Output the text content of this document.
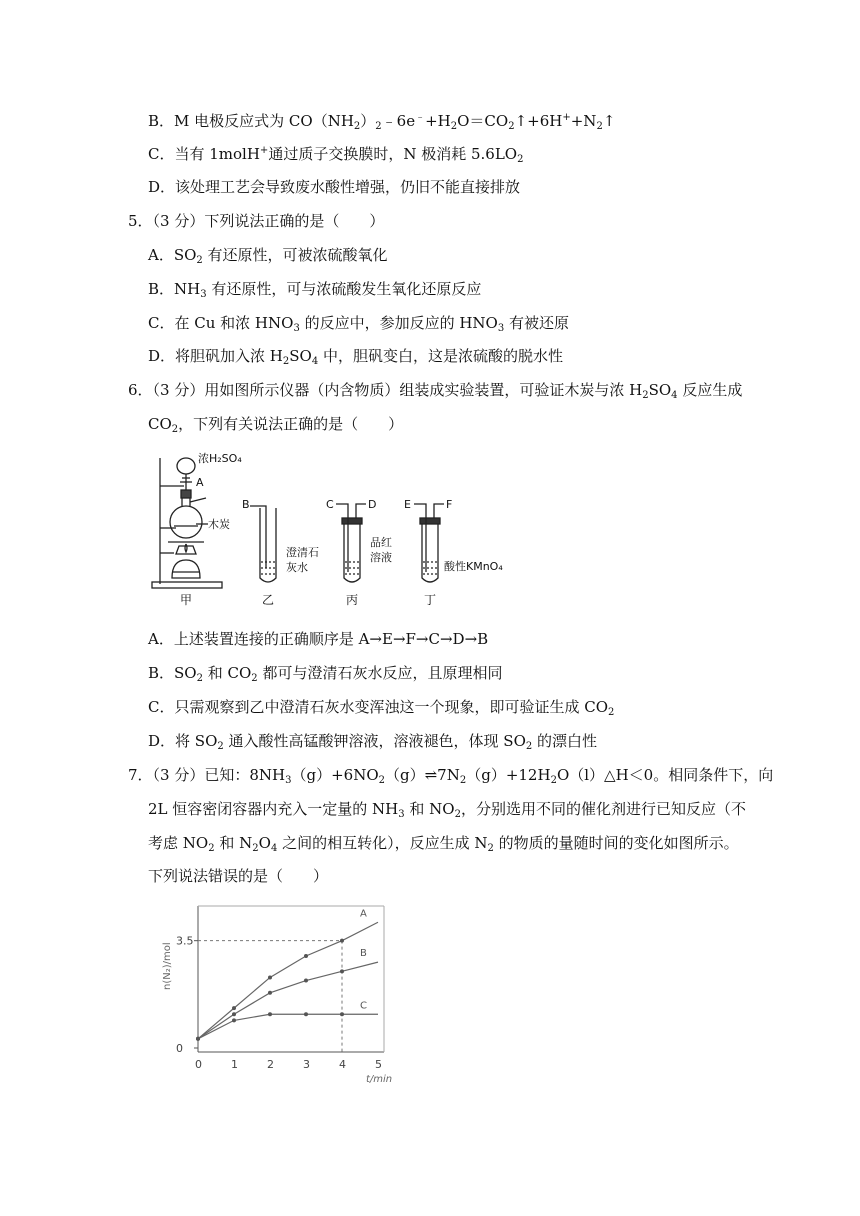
B．M 电极反应式为 $CO(NH_2)_2﹣6e^﹣+H_2O=CO_2↑+6H^++N_2↑$
C．当有 1molH+通过质子交换膜时，N 极消耗 $5.6LO_2$
D．该处理工艺会导致废水酸性增强，仍旧不能直接排放
5．（3 分）下列说法正确的是（　　）
A．$SO_2$ 有还原性，可被浓硫酸氧化
B．$NH_3$ 有还原性，可与浓硫酸发生氧化还原反应
C．在 Cu 和浓 $HNO_3$ 的反应中，参加反应的 $HNO_3$ 有被还原
D．将胆矾加入浓 $H_2SO_4$ 中，胆矾变白，这是浓硫酸的脱水性
6．（3 分）用如图所示仪器（内含物质）组装成实验装置，可验证木炭与浓 $H_2SO_4$ 反应生成
$CO_2$，下列有关说法正确的是（　　）
浓H₂SO₄
A
木炭
甲
B
澄清石
灰水
乙
C	D
品红
溶液
丙
E	F
酸性KMnO₄
丁
A．上述装置连接的正确顺序是 A→E→F→C→D→B
B．$SO_2$ 和 $CO_2$ 都可与澄清石灰水反应，且原理相同
C．只需观察到乙中澄清石灰水变浑浊这一个现象，即可验证生成 $CO_2$
D．将 $SO_2$ 通入酸性高锰酸钾溶液，溶液褪色，体现 $SO_2$ 的漂白性
7．（3 分）已知：$8NH_3(g)+6NO_2(g)\rightleftharpoons 7N_2(g)+12H_2O(l)\triangle H<0$。相同条件下，向
2L 恒容密闭容器内充入一定量的 $NH_3$ 和 $NO_2$，分别选用不同的催化剂进行已知反应（不
考虑 $NO_2$ 和 $N_2O_4$ 之间的相互转化），反应生成 $N_2$ 的物质的量随时间的变化如图所示。
下列说法错误的是（　　）
0	1	2	3	4	5
t/min
0
3.5
n(N₂)/mol
A
B
C
